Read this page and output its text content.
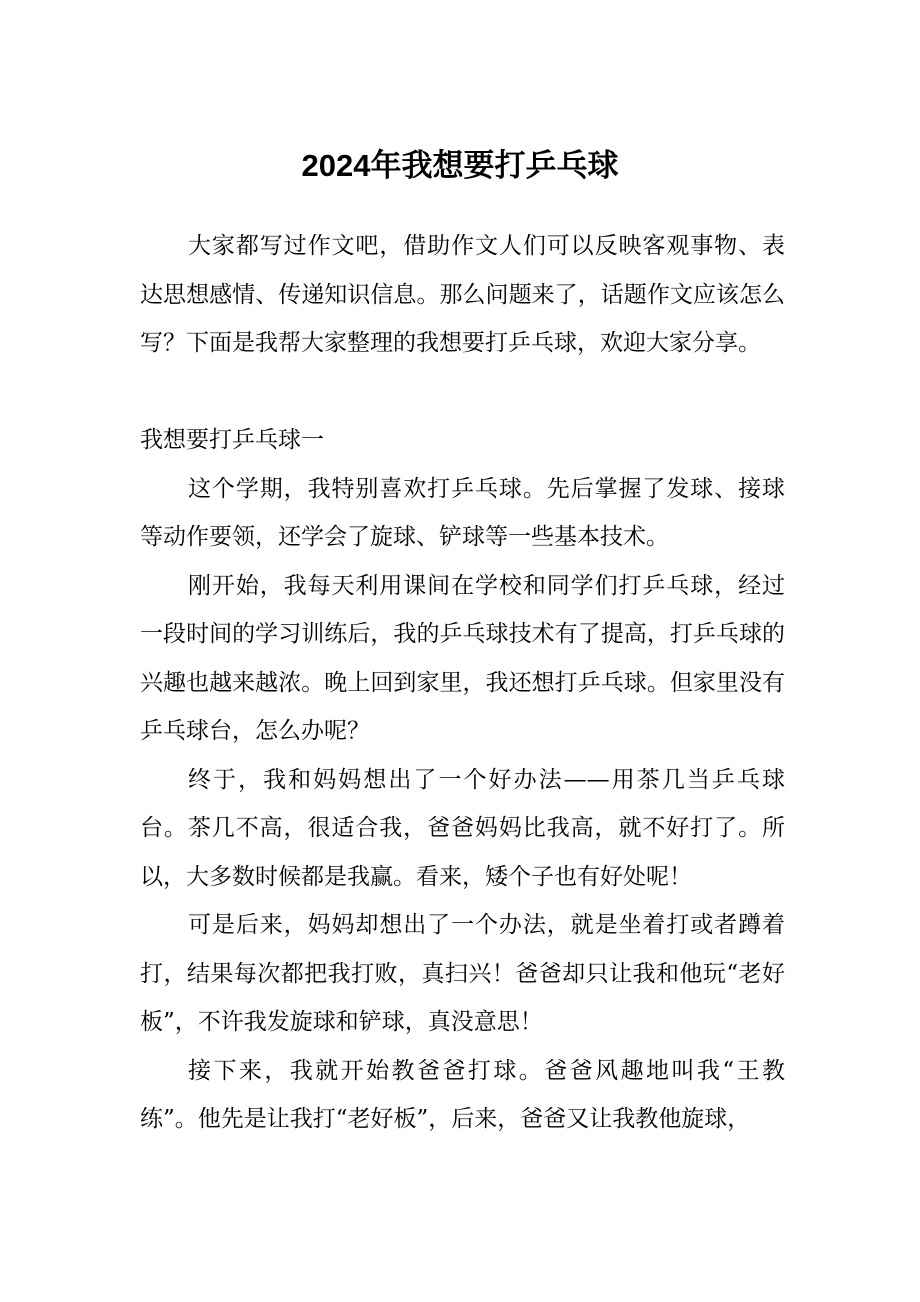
2024年我想要打乒乓球

大家都写过作文吧，借助作文人们可以反映客观事物、表达思想感情、传递知识信息。那么问题来了，话题作文应该怎么写？下面是我帮大家整理的我想要打乒乓球，欢迎大家分享。

我想要打乒乓球一

这个学期，我特别喜欢打乒乓球。先后掌握了发球、接球等动作要领，还学会了旋球、铲球等一些基本技术。

刚开始，我每天利用课间在学校和同学们打乒乓球，经过一段时间的学习训练后，我的乒乓球技术有了提高，打乒乓球的兴趣也越来越浓。晚上回到家里，我还想打乒乓球。但家里没有乒乓球台，怎么办呢？

终于，我和妈妈想出了一个好办法——用茶几当乒乓球台。茶几不高，很适合我，爸爸妈妈比我高，就不好打了。所以，大多数时候都是我赢。看来，矮个子也有好处呢！

可是后来，妈妈却想出了一个办法，就是坐着打或者蹲着打，结果每次都把我打败，真扫兴！爸爸却只让我和他玩“老好板”，不许我发旋球和铲球，真没意思！

接下来，我就开始教爸爸打球。爸爸风趣地叫我“王教练”。他先是让我打“老好板”，后来，爸爸又让我教他旋球，
